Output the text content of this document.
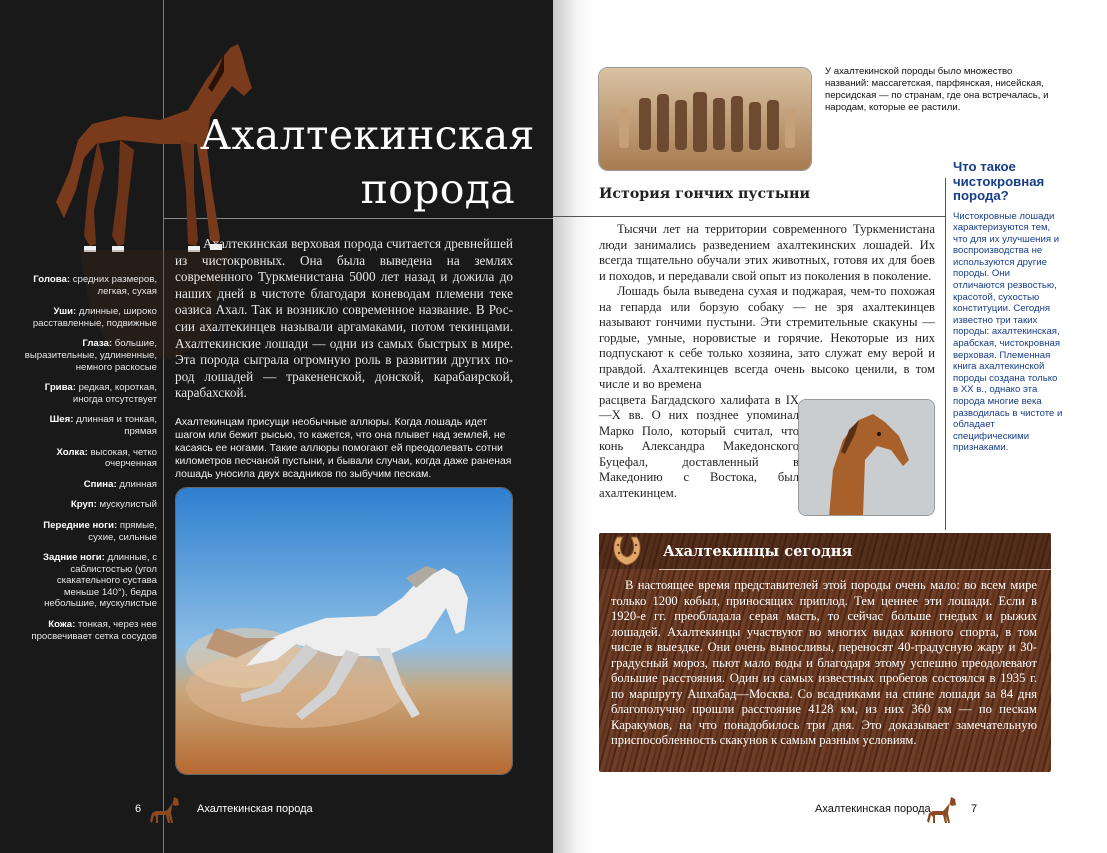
Ахалтекинская
порода

Ахалтекинская верховая порода считается древнейшей из чистокровных. Она была выведена на землях современного Туркменистана 5000 лет назад и дожила до наших дней в чистоте благодаря коневодам племени теке оазиса Ахал. Так и возникло современное название. В России ахалтекинцев называли аргамаками, потом текинцами. Ахалтекинские лошади — одни из самых быстрых в мире. Эта порода сыграла огромную роль в развитии других пород лошадей — тракененской, донской, карабаирской, карабахской.

Ахалтекинцам присущи необычные аллюры. Когда лошадь идет шагом или бежит рысью, то кажется, что она плывет над землей, не касаясь ее ногами. Такие аллюры помогают ей преодолевать сотни километров песчаной пустыни, и бывали случаи, когда даже раненая лошадь уносила двух всадников по зыбучим пескам.

Голова: средних размеров, легкая, сухая
Уши: длинные, широко расставленные, подвижные
Глаза: большие, выразительные, удлиненные, немного раскосые
Грива: редкая, короткая, иногда отсутствует
Шея: длинная и тонкая, прямая
Холка: высокая, четко очерченная
Спина: длинная
Круп: мускулистый
Передние ноги: прямые, сухие, сильные
Задние ноги: длинные, с саблистостью (угол скакательного сустава меньше 140°), бедра небольшие, мускулистые
Кожа: тонкая, через нее просвечивает сетка сосудов
6	Ахалтекинская порода

У ахалтекинской породы было множество названий: массагетская, парфянская, нисейская, персидская — по странам, где она встречалась, и народам, которые ее растили.

История гончих пустыни

Тысячи лет на территории современного Туркменистана люди занимались разведением ахалтекинских лошадей. Их всегда тщательно обучали этих животных, готовя их для боев и походов, и передавали свой опыт из поколения в поколение.

Лошадь была выведена сухая и поджарая, чем-то похожая на гепарда или борзую собаку — не зря ахалтекинцев называют гончими пустыни. Эти стремительные скакуны — гордые, умные, норовистые и горячие. Некоторые из них подпускают к себе только хозяина, зато служат ему верой и правдой. Ахалтекинцев всегда очень высоко ценили, в том числе и во времена

расцвета Багдадского халифата в IX—X вв. О них позднее упоминал Марко Поло, который считал, что конь Александра Македонского Буцефал, доставленный в Македонию с Востока, был ахалтекинцем.

Что такое чистокровная порода?

Чистокровные лошади характеризуются тем, что для их улучшения и воспроизводства не используются другие породы. Они отличаются резвостью, красотой, сухостью конституции. Сегодня известно три таких породы: ахалтекинская, арабская, чистокровная верховая. Племенная книга ахалтекинской породы создана только в XX в., однако эта порода многие века разводилась в чистоте и обладает специфическими признаками.

Ахалтекинцы сегодня

В настоящее время представителей этой породы очень мало: во всем мире только 1200 кобыл, приносящих приплод. Тем ценнее эти лошади. Если в 1920-е гг. преобладала серая масть, то сейчас больше гнедых и рыжих лошадей. Ахалтекинцы участвуют во многих видах конного спорта, в том числе в выездке. Они очень выносливы, переносят 40-градусную жару и 30-градусный мороз, пьют мало воды и благодаря этому успешно преодолевают большие расстояния. Один из самых известных пробегов состоялся в 1935 г. по маршруту Ашхабад—Москва. Со всадниками на спине лошади за 84 дня благополучно прошли расстояние 4128 км, из них 360 км — по пескам Каракумов, на что понадобилось три дня. Это доказывает замечательную приспособленность скакунов к самым разным условиям.

Ахалтекинская порода	7
